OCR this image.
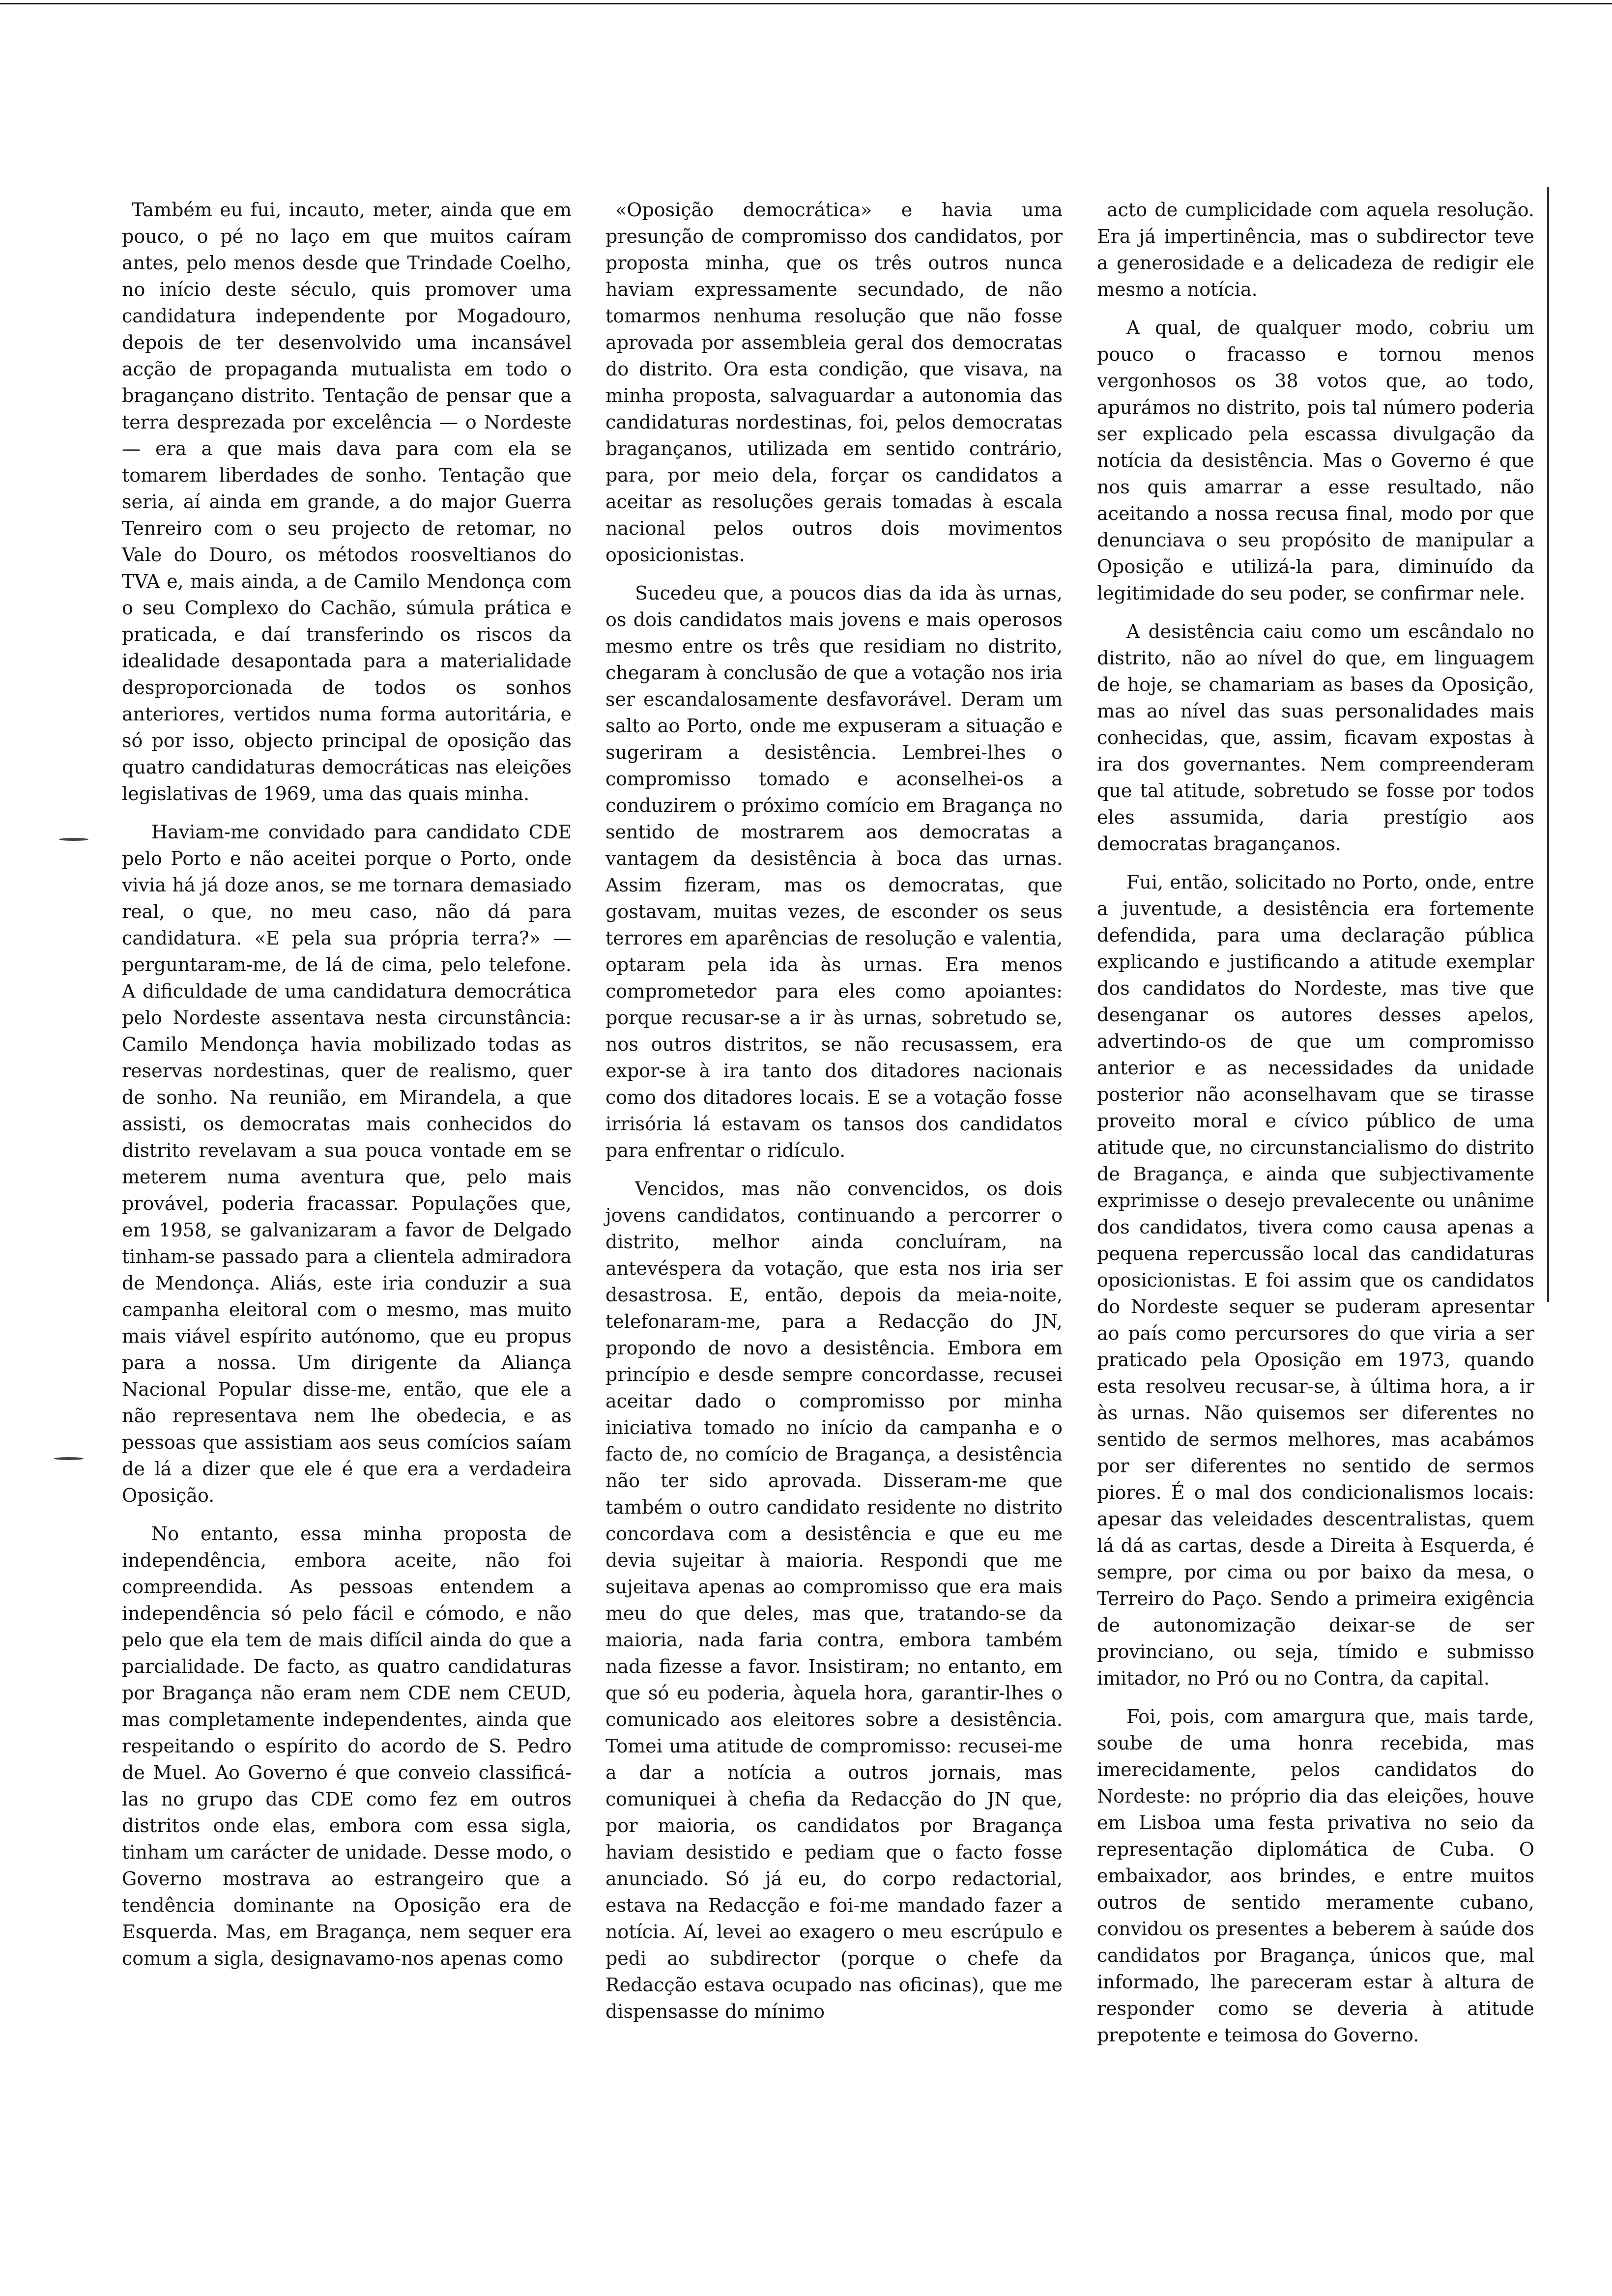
Também eu fui, incauto, meter, ainda que em pouco, o pé no laço em que muitos caíram antes, pelo menos desde que Trindade Coelho, no início deste século, quis promover uma candidatura independente por Mogadouro, depois de ter desenvolvido uma incansável acção de propaganda mutualista em todo o bragançano distrito. Tentação de pensar que a terra desprezada por excelência — o Nordeste — era a que mais dava para com ela se tomarem liberdades de sonho. Tentação que seria, aí ainda em grande, a do major Guerra Tenreiro com o seu projecto de retomar, no Vale do Douro, os métodos roosveltianos do TVA e, mais ainda, a de Camilo Mendonça com o seu Complexo do Cachão, súmula prática e praticada, e daí transferindo os riscos da idealidade desapontada para a materialidade desproporcionada de todos os sonhos anteriores, vertidos numa forma autoritária, e só por isso, objecto principal de oposição das quatro candidaturas democráticas nas eleições legislativas de 1969, uma das quais minha.

Haviam-me convidado para candidato CDE pelo Porto e não aceitei porque o Porto, onde vivia há já doze anos, se me tornara demasiado real, o que, no meu caso, não dá para candidatura. «E pela sua própria terra?» — perguntaram-me, de lá de cima, pelo telefone. A dificuldade de uma candidatura democrática pelo Nordeste assentava nesta circunstância: Camilo Mendonça havia mobilizado todas as reservas nordestinas, quer de realismo, quer de sonho. Na reunião, em Mirandela, a que assisti, os democratas mais conhecidos do distrito revelavam a sua pouca vontade em se meterem numa aventura que, pelo mais provável, poderia fracassar. Populações que, em 1958, se galvanizaram a favor de Delgado tinham-se passado para a clientela admiradora de Mendonça. Aliás, este iria conduzir a sua campanha eleitoral com o mesmo, mas muito mais viável espírito autónomo, que eu propus para a nossa. Um dirigente da Aliança Nacional Popular disse-me, então, que ele a não representava nem lhe obedecia, e as pessoas que assistiam aos seus comícios saíam de lá a dizer que ele é que era a verdadeira Oposição.

No entanto, essa minha proposta de independência, embora aceite, não foi compreendida. As pessoas entendem a independência só pelo fácil e cómodo, e não pelo que ela tem de mais difícil ainda do que a parcialidade. De facto, as quatro candidaturas por Bragança não eram nem CDE nem CEUD, mas completamente independentes, ainda que respeitando o espírito do acordo de S. Pedro de Muel. Ao Governo é que conveio classificá-las no grupo das CDE como fez em outros distritos onde elas, embora com essa sigla, tinham um carácter de unidade. Desse modo, o Governo mostrava ao estrangeiro que a tendência dominante na Oposição era de Esquerda. Mas, em Bragança, nem sequer era comum a sigla, designavamo-nos apenas como

«Oposição democrática» e havia uma presunção de compromisso dos candidatos, por proposta minha, que os três outros nunca haviam expressamente secundado, de não tomarmos nenhuma resolução que não fosse aprovada por assembleia geral dos democratas do distrito. Ora esta condição, que visava, na minha proposta, salvaguardar a autonomia das candidaturas nordestinas, foi, pelos democratas bragançanos, utilizada em sentido contrário, para, por meio dela, forçar os candidatos a aceitar as resoluções gerais tomadas à escala nacional pelos outros dois movimentos oposicionistas.

Sucedeu que, a poucos dias da ida às urnas, os dois candidatos mais jovens e mais operosos mesmo entre os três que residiam no distrito, chegaram à conclusão de que a votação nos iria ser escandalosamente desfavorável. Deram um salto ao Porto, onde me expuseram a situação e sugeriram a desistência. Lembrei-lhes o compromisso tomado e aconselhei-os a conduzirem o próximo comício em Bragança no sentido de mostrarem aos democratas a vantagem da desistência à boca das urnas. Assim fizeram, mas os democratas, que gostavam, muitas vezes, de esconder os seus terrores em aparências de resolução e valentia, optaram pela ida às urnas. Era menos comprometedor para eles como apoiantes: porque recusar-se a ir às urnas, sobretudo se, nos outros distritos, se não recusassem, era expor-se à ira tanto dos ditadores nacionais como dos ditadores locais. E se a votação fosse irrisória lá estavam os tansos dos candidatos para enfrentar o ridículo.

Vencidos, mas não convencidos, os dois jovens candidatos, continuando a percorrer o distrito, melhor ainda concluíram, na antevéspera da votação, que esta nos iria ser desastrosa. E, então, depois da meia-noite, telefonaram-me, para a Redacção do JN, propondo de novo a desistência. Embora em princípio e desde sempre concordasse, recusei aceitar dado o compromisso por minha iniciativa tomado no início da campanha e o facto de, no comício de Bragança, a desistência não ter sido aprovada. Disseram-me que também o outro candidato residente no distrito concordava com a desistência e que eu me devia sujeitar à maioria. Respondi que me sujeitava apenas ao compromisso que era mais meu do que deles, mas que, tratando-se da maioria, nada faria contra, embora também nada fizesse a favor. Insistiram; no entanto, em que só eu poderia, àquela hora, garantir-lhes o comunicado aos eleitores sobre a desistência. Tomei uma atitude de compromisso: recusei-me a dar a notícia a outros jornais, mas comuniquei à chefia da Redacção do JN que, por maioria, os candidatos por Bragança haviam desistido e pediam que o facto fosse anunciado. Só já eu, do corpo redactorial, estava na Redacção e foi-me mandado fazer a notícia. Aí, levei ao exagero o meu escrúpulo e pedi ao subdirector (porque o chefe da Redacção estava ocupado nas oficinas), que me dispensasse do mínimo

acto de cumplicidade com aquela resolução. Era já impertinência, mas o subdirector teve a generosidade e a delicadeza de redigir ele mesmo a notícia.

A qual, de qualquer modo, cobriu um pouco o fracasso e tornou menos vergonhosos os 38 votos que, ao todo, apurámos no distrito, pois tal número poderia ser explicado pela escassa divulgação da notícia da desistência. Mas o Governo é que nos quis amarrar a esse resultado, não aceitando a nossa recusa final, modo por que denunciava o seu propósito de manipular a Oposição e utilizá-la para, diminuído da legitimidade do seu poder, se confirmar nele.

A desistência caiu como um escândalo no distrito, não ao nível do que, em linguagem de hoje, se chamariam as bases da Oposição, mas ao nível das suas personalidades mais conhecidas, que, assim, ficavam expostas à ira dos governantes. Nem compreenderam que tal atitude, sobretudo se fosse por todos eles assumida, daria prestígio aos democratas bragançanos.

Fui, então, solicitado no Porto, onde, entre a juventude, a desistência era fortemente defendida, para uma declaração pública explicando e justificando a atitude exemplar dos candidatos do Nordeste, mas tive que desenganar os autores desses apelos, advertindo-os de que um compromisso anterior e as necessidades da unidade posterior não aconselhavam que se tirasse proveito moral e cívico público de uma atitude que, no circunstancialismo do distrito de Bragança, e ainda que subjectivamente exprimisse o desejo prevalecente ou unânime dos candidatos, tivera como causa apenas a pequena repercussão local das candidaturas oposicionistas. E foi assim que os candidatos do Nordeste sequer se puderam apresentar ao país como percursores do que viria a ser praticado pela Oposição em 1973, quando esta resolveu recusar-se, à última hora, a ir às urnas. Não quisemos ser diferentes no sentido de sermos melhores, mas acabámos por ser diferentes no sentido de sermos piores. É o mal dos condicionalismos locais: apesar das veleidades descentralistas, quem lá dá as cartas, desde a Direita à Esquerda, é sempre, por cima ou por baixo da mesa, o Terreiro do Paço. Sendo a primeira exigência de autonomização deixar-se de ser provinciano, ou seja, tímido e submisso imitador, no Pró ou no Contra, da capital.

Foi, pois, com amargura que, mais tarde, soube de uma honra recebida, mas imerecidamente, pelos candidatos do Nordeste: no próprio dia das eleições, houve em Lisboa uma festa privativa no seio da representação diplomática de Cuba. O embaixador, aos brindes, e entre muitos outros de sentido meramente cubano, convidou os presentes a beberem à saúde dos candidatos por Bragança, únicos que, mal informado, lhe pareceram estar à altura de responder como se deveria à atitude prepotente e teimosa do Governo.
